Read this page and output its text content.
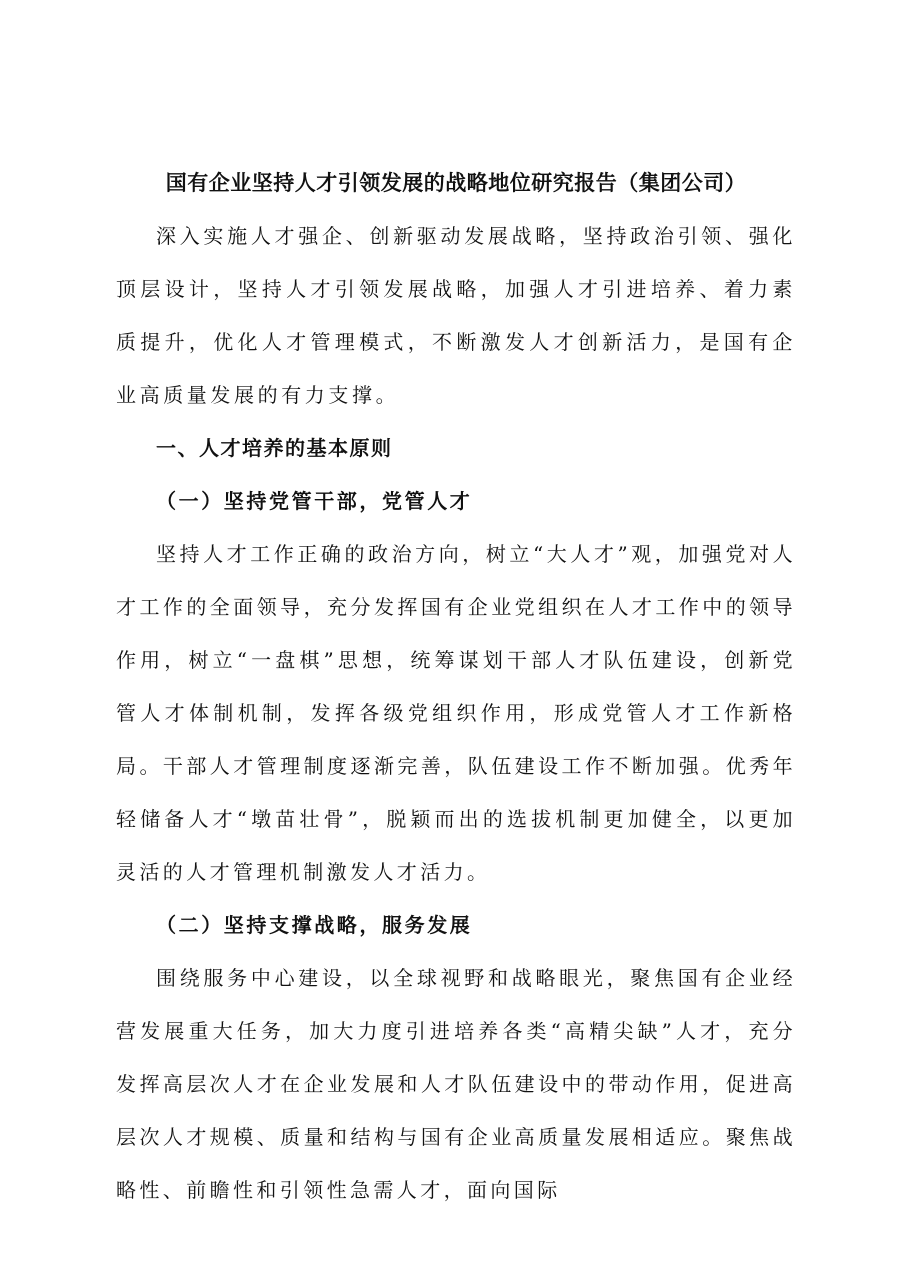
国有企业坚持人才引领发展的战略地位研究报告（集团公司）

深入实施人才强企、创新驱动发展战略，坚持政治引领、强化顶层设计，坚持人才引领发展战略，加强人才引进培养、着力素质提升，优化人才管理模式，不断激发人才创新活力，是国有企业高质量发展的有力支撑。

一、人才培养的基本原则
（一）坚持党管干部，党管人才

坚持人才工作正确的政治方向，树立“大人才”观，加强党对人才工作的全面领导，充分发挥国有企业党组织在人才工作中的领导作用，树立“一盘棋”思想，统筹谋划干部人才队伍建设，创新党管人才体制机制，发挥各级党组织作用，形成党管人才工作新格局。干部人才管理制度逐渐完善，队伍建设工作不断加强。优秀年轻储备人才“墩苗壮骨”，脱颖而出的选拔机制更加健全，以更加灵活的人才管理机制激发人才活力。

（二）坚持支撑战略，服务发展

围绕服务中心建设，以全球视野和战略眼光，聚焦国有企业经营发展重大任务，加大力度引进培养各类“高精尖缺”人才，充分发挥高层次人才在企业发展和人才队伍建设中的带动作用，促进高层次人才规模、质量和结构与国有企业高质量发展相适应。聚焦战略性、前瞻性和引领性急需人才，面向国际
